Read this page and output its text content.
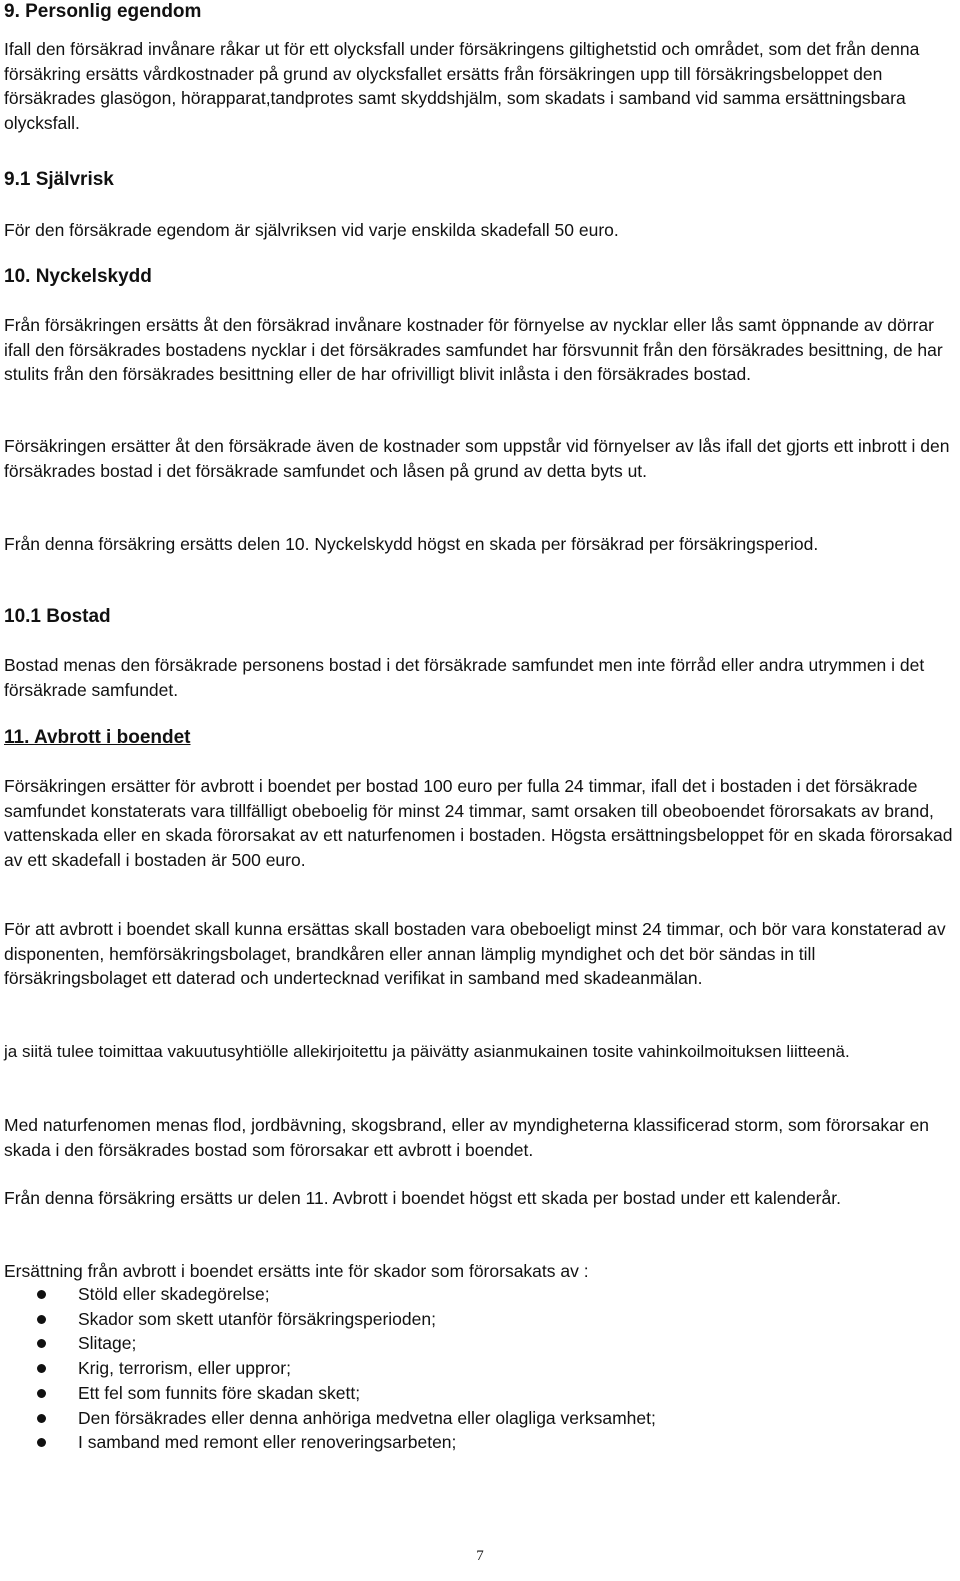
9. Personlig egendom
Ifall den försäkrad invånare råkar ut för ett olycksfall under försäkringens giltighetstid och området, som det från denna försäkring ersätts vårdkostnader på grund av olycksfallet ersätts från försäkringen upp till försäkringsbeloppet den försäkrades glasögon, hörapparat,tandprotes samt skyddshjälm, som skadats i samband vid samma ersättningsbara olycksfall.
9.1 Självrisk
För den försäkrade egendom är självriksen vid varje enskilda skadefall 50 euro.
10. Nyckelskydd
Från försäkringen ersätts åt den försäkrad invånare kostnader för förnyelse av nycklar eller lås samt öppnande av dörrar ifall den försäkrades bostadens nycklar i det försäkrades samfundet har försvunnit från den försäkrades besittning, de har stulits från den försäkrades besittning eller de har ofrivilligt blivit inlåsta i den försäkrades bostad.
Försäkringen ersätter åt den försäkrade även de kostnader som uppstår vid förnyelser av lås ifall det gjorts ett inbrott i den försäkrades bostad i det försäkrade samfundet och låsen på grund av detta byts ut.
Från denna försäkring ersätts delen 10. Nyckelskydd högst en skada per försäkrad per försäkringsperiod.
10.1 Bostad
Bostad menas den försäkrade personens bostad i det försäkrade samfundet men inte förråd eller andra utrymmen i det försäkrade samfundet.
11. Avbrott i boendet
Försäkringen ersätter för avbrott i boendet per bostad 100 euro per fulla 24 timmar, ifall det i bostaden i det försäkrade samfundet konstaterats vara tillfälligt obeboelig för minst 24 timmar, samt orsaken till obeoboendet förorsakats av brand, vattenskada eller en skada förorsakat av ett naturfenomen i bostaden. Högsta ersättningsbeloppet för en skada förorsakad av ett skadefall i bostaden är 500 euro.
För att avbrott i boendet skall kunna ersättas skall bostaden vara obeboeligt minst 24 timmar, och bör vara konstaterad av disponenten, hemförsäkringsbolaget, brandkåren eller annan lämplig myndighet och det bör sändas in till försäkringsbolaget ett daterad och undertecknad verifikat in samband med skadeanmälan.
ja siitä tulee toimittaa vakuutusyhtiölle allekirjoitettu ja päivätty asianmukainen tosite vahinkoilmoituksen liitteenä.
Med naturfenomen menas flod, jordbävning, skogsbrand, eller av myndigheterna klassificerad storm, som förorsakar en skada i den försäkrades bostad som förorsakar ett avbrott i boendet.
Från denna försäkring ersätts ur delen 11. Avbrott i boendet högst ett skada per bostad under ett kalenderår.
Ersättning från avbrott i boendet ersätts inte för skador som förorsakats av :
Stöld eller skadegörelse;
Skador som skett utanför försäkringsperioden;
Slitage;
Krig, terrorism, eller uppror;
Ett fel som funnits före skadan skett;
Den försäkrades eller denna anhöriga medvetna eller olagliga verksamhet;
I samband med remont eller renoveringsarbeten;
7
